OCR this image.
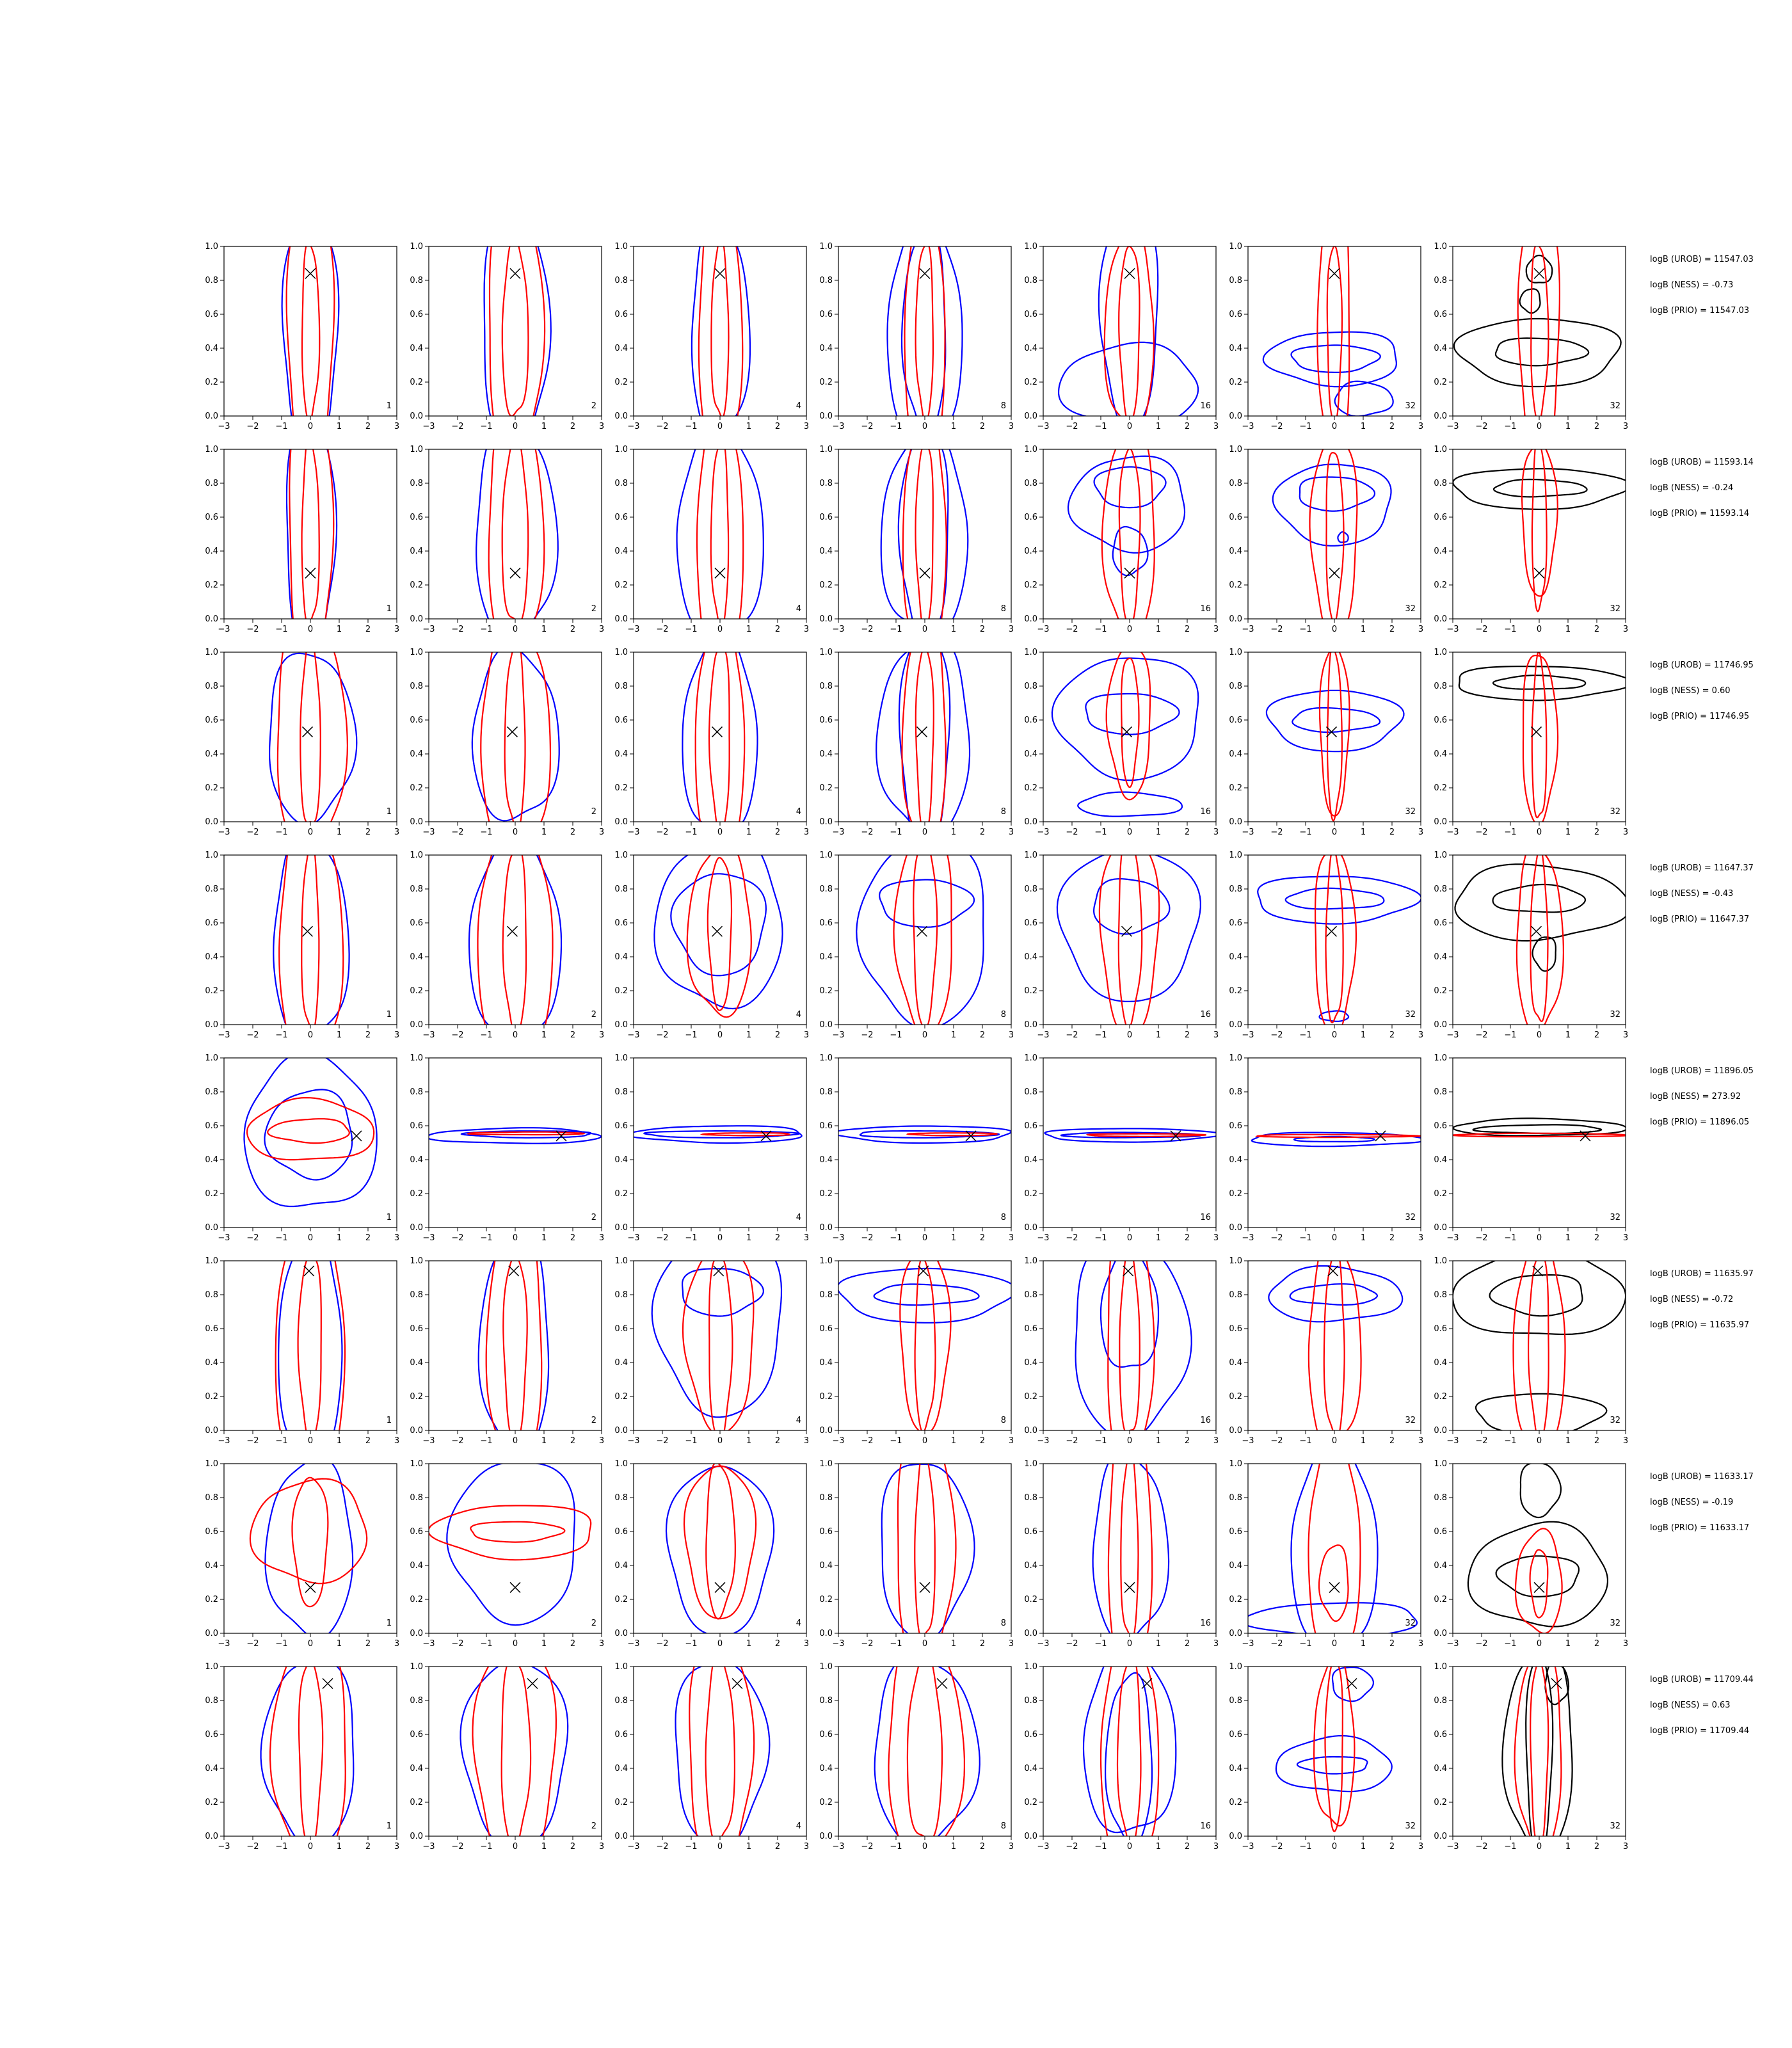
−3 −2 −1 0	1	2	3
0.0
0.2
0.4
0.6
0.8
1.0
1
−3 −2 −1 0	1	2	3
0.0
0.2
0.4
0.6
0.8
1.0
2
−3 −2 −1 0	1	2	3
0.0
0.2
0.4
0.6
0.8
1.0
4
−3 −2 −1 0	1	2	3
0.0
0.2
0.4
0.6
0.8
1.0
8
−3 −2 −1 0	1	2	3
0.0
0.2
0.4
0.6
0.8
1.0
16
−3 −2 −1 0	1	2	3
0.0
0.2
0.4
0.6
0.8
1.0
32
−3 −2 −1 0	1	2	3
0.0
0.2
0.4
0.6
0.8
1.0
32
logB (UROB) = 11547.03
logB (NESS) = -0.73
logB (PRIO) = 11547.03
−3 −2 −1 0	1	2	3
0.0
0.2
0.4
0.6
0.8
1.0
1
−3 −2 −1 0	1	2	3
0.0
0.2
0.4
0.6
0.8
1.0
2
−3 −2 −1 0	1	2	3
0.0
0.2
0.4
0.6
0.8
1.0
4
−3 −2 −1 0	1	2	3
0.0
0.2
0.4
0.6
0.8
1.0
8
−3 −2 −1 0	1	2	3
0.0
0.2
0.4
0.6
0.8
1.0
16
−3 −2 −1 0	1	2	3
0.0
0.2
0.4
0.6
0.8
1.0
32
−3 −2 −1 0	1	2	3
0.0
0.2
0.4
0.6
0.8
1.0
32
logB (UROB) = 11593.14
logB (NESS) = -0.24
logB (PRIO) = 11593.14
−3 −2 −1 0	1	2	3
0.0
0.2
0.4
0.6
0.8
1.0
1
−3 −2 −1 0	1	2	3
0.0
0.2
0.4
0.6
0.8
1.0
2
−3 −2 −1 0	1	2	3
0.0
0.2
0.4
0.6
0.8
1.0
4
−3 −2 −1 0	1	2	3
0.0
0.2
0.4
0.6
0.8
1.0
8
−3 −2 −1 0	1	2	3
0.0
0.2
0.4
0.6
0.8
1.0
16
−3 −2 −1 0	1	2	3
0.0
0.2
0.4
0.6
0.8
1.0
32
−3 −2 −1 0	1	2	3
0.0
0.2
0.4
0.6
0.8
1.0
32
logB (UROB) = 11746.95
logB (NESS) = 0.60
logB (PRIO) = 11746.95
−3 −2 −1 0	1	2	3
0.0
0.2
0.4
0.6
0.8
1.0
1
−3 −2 −1 0	1	2	3
0.0
0.2
0.4
0.6
0.8
1.0
2
−3 −2 −1 0	1	2	3
0.0
0.2
0.4
0.6
0.8
1.0
4
−3 −2 −1 0	1	2	3
0.0
0.2
0.4
0.6
0.8
1.0
8
−3 −2 −1 0	1	2	3
0.0
0.2
0.4
0.6
0.8
1.0
16
−3 −2 −1 0	1	2	3
0.0
0.2
0.4
0.6
0.8
1.0
32
−3 −2 −1 0	1	2	3
0.0
0.2
0.4
0.6
0.8
1.0
32
logB (UROB) = 11647.37
logB (NESS) = -0.43
logB (PRIO) = 11647.37
−3 −2 −1 0	1	2	3
0.0
0.2
0.4
0.6
0.8
1.0
1
−3 −2 −1 0	1	2	3
0.0
0.2
0.4
0.6
0.8
1.0
2
−3 −2 −1 0	1	2	3
0.0
0.2
0.4
0.6
0.8
1.0
4
−3 −2 −1 0	1	2	3
0.0
0.2
0.4
0.6
0.8
1.0
8
−3 −2 −1 0	1	2	3
0.0
0.2
0.4
0.6
0.8
1.0
16
−3 −2 −1 0	1	2	3
0.0
0.2
0.4
0.6
0.8
1.0
32
−3 −2 −1 0	1	2	3
0.0
0.2
0.4
0.6
0.8
1.0
32
logB (UROB) = 11896.05
logB (NESS) = 273.92
logB (PRIO) = 11896.05
−3 −2 −1 0	1	2	3
0.0
0.2
0.4
0.6
0.8
1.0
1
−3 −2 −1 0	1	2	3
0.0
0.2
0.4
0.6
0.8
1.0
2
−3 −2 −1 0	1	2	3
0.0
0.2
0.4
0.6
0.8
1.0
4
−3 −2 −1 0	1	2	3
0.0
0.2
0.4
0.6
0.8
1.0
8
−3 −2 −1 0	1	2	3
0.0
0.2
0.4
0.6
0.8
1.0
16
−3 −2 −1 0	1	2	3
0.0
0.2
0.4
0.6
0.8
1.0
32
−3 −2 −1 0	1	2	3
0.0
0.2
0.4
0.6
0.8
1.0
32
logB (UROB) = 11635.97
logB (NESS) = -0.72
logB (PRIO) = 11635.97
−3 −2 −1 0	1	2	3
0.0
0.2
0.4
0.6
0.8
1.0
1
−3 −2 −1 0	1	2	3
0.0
0.2
0.4
0.6
0.8
1.0
2
−3 −2 −1 0	1	2	3
0.0
0.2
0.4
0.6
0.8
1.0
4
−3 −2 −1 0	1	2	3
0.0
0.2
0.4
0.6
0.8
1.0
8
−3 −2 −1 0	1	2	3
0.0
0.2
0.4
0.6
0.8
1.0
16
−3 −2 −1 0	1	2	3
0.0
0.2
0.4
0.6
0.8
1.0
32
−3 −2 −1 0	1	2	3
0.0
0.2
0.4
0.6
0.8
1.0
32
logB (UROB) = 11633.17
logB (NESS) = -0.19
logB (PRIO) = 11633.17
−3 −2 −1 0	1	2	3
0.0
0.2
0.4
0.6
0.8
1.0
1
−3 −2 −1 0	1	2	3
0.0
0.2
0.4
0.6
0.8
1.0
2
−3 −2 −1 0	1	2	3
0.0
0.2
0.4
0.6
0.8
1.0
4
−3 −2 −1 0	1	2	3
0.0
0.2
0.4
0.6
0.8
1.0
8
−3 −2 −1 0	1	2	3
0.0
0.2
0.4
0.6
0.8
1.0
16
−3 −2 −1 0	1	2	3
0.0
0.2
0.4
0.6
0.8
1.0
32
−3 −2 −1 0	1	2	3
0.0
0.2
0.4
0.6
0.8
1.0
32
logB (UROB) = 11709.44
logB (NESS) = 0.63
logB (PRIO) = 11709.44
